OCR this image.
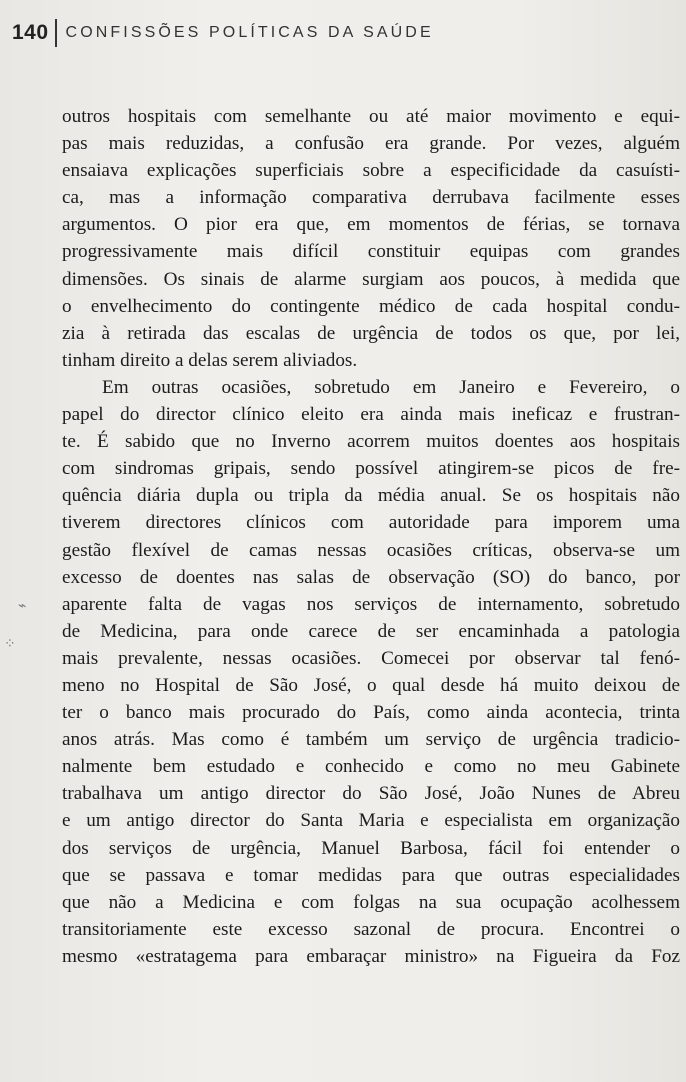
140 CONFISSÕES POLÍTICAS DA SAÚDE
outros hospitais com semelhante ou até maior movimento e equi-
pas mais reduzidas, a confusão era grande. Por vezes, alguém
ensaiava explicações superficiais sobre a especificidade da casuísti-
ca, mas a informação comparativa derrubava facilmente esses
argumentos. O pior era que, em momentos de férias, se tornava
progressivamente mais difícil constituir equipas com grandes
dimensões. Os sinais de alarme surgiam aos poucos, à medida que
o envelhecimento do contingente médico de cada hospital condu-
zia à retirada das escalas de urgência de todos os que, por lei,
tinham direito a delas serem aliviados.
Em outras ocasiões, sobretudo em Janeiro e Fevereiro, o
papel do director clínico eleito era ainda mais ineficaz e frustran-
te. É sabido que no Inverno acorrem muitos doentes aos hospitais
com sindromas gripais, sendo possível atingirem-se picos de fre-
quência diária dupla ou tripla da média anual. Se os hospitais não
tiverem directores clínicos com autoridade para imporem uma
gestão flexível de camas nessas ocasiões críticas, observa-se um
excesso de doentes nas salas de observação (SO) do banco, por
aparente falta de vagas nos serviços de internamento, sobretudo
de Medicina, para onde carece de ser encaminhada a patologia
mais prevalente, nessas ocasiões. Comecei por observar tal fenó-
meno no Hospital de São José, o qual desde há muito deixou de
ter o banco mais procurado do País, como ainda acontecia, trinta
anos atrás. Mas como é também um serviço de urgência tradicio-
nalmente bem estudado e conhecido e como no meu Gabinete
trabalhava um antigo director do São José, João Nunes de Abreu
e um antigo director do Santa Maria e especialista em organização
dos serviços de urgência, Manuel Barbosa, fácil foi entender o
que se passava e tomar medidas para que outras especialidades
que não a Medicina e com folgas na sua ocupação acolhessem
transitoriamente este excesso sazonal de procura. Encontrei o
mesmo «estratagema para embaraçar ministro» na Figueira da Foz
⌁
⁘
